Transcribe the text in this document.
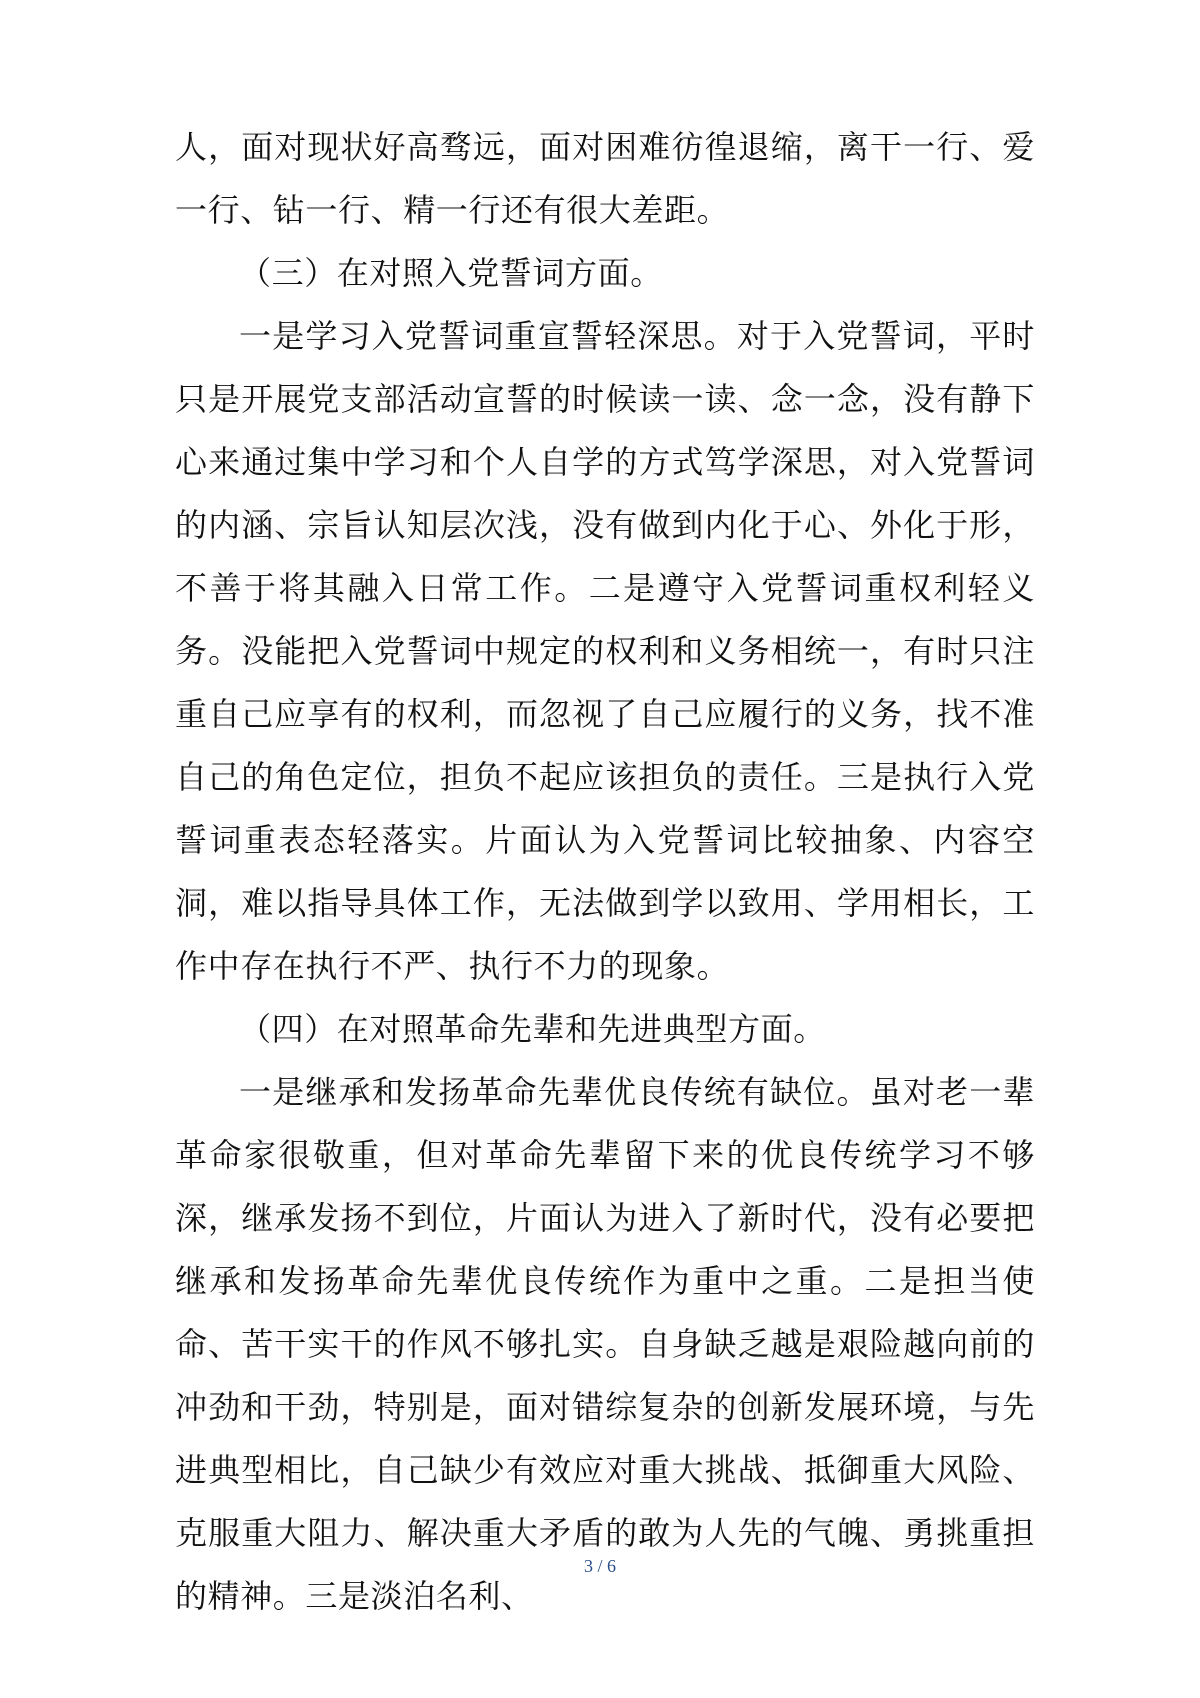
人，面对现状好高骛远，面对困难彷徨退缩，离干一行、爱一行、钻一行、精一行还有很大差距。

（三）在对照入党誓词方面。

一是学习入党誓词重宣誓轻深思。对于入党誓词，平时只是开展党支部活动宣誓的时候读一读、念一念，没有静下心来通过集中学习和个人自学的方式笃学深思，对入党誓词的内涵、宗旨认知层次浅，没有做到内化于心、外化于形，不善于将其融入日常工作。二是遵守入党誓词重权利轻义务。没能把入党誓词中规定的权利和义务相统一，有时只注重自己应享有的权利，而忽视了自己应履行的义务，找不准自己的角色定位，担负不起应该担负的责任。三是执行入党誓词重表态轻落实。片面认为入党誓词比较抽象、内容空洞，难以指导具体工作，无法做到学以致用、学用相长，工作中存在执行不严、执行不力的现象。

（四）在对照革命先辈和先进典型方面。

一是继承和发扬革命先辈优良传统有缺位。虽对老一辈革命家很敬重，但对革命先辈留下来的优良传统学习不够深，继承发扬不到位，片面认为进入了新时代，没有必要把继承和发扬革命先辈优良传统作为重中之重。二是担当使命、苦干实干的作风不够扎实。自身缺乏越是艰险越向前的冲劲和干劲，特别是，面对错综复杂的创新发展环境，与先进典型相比，自己缺少有效应对重大挑战、抵御重大风险、克服重大阻力、解决重大矛盾的敢为人先的气魄、勇挑重担的精神。三是淡泊名利、

3 / 6
